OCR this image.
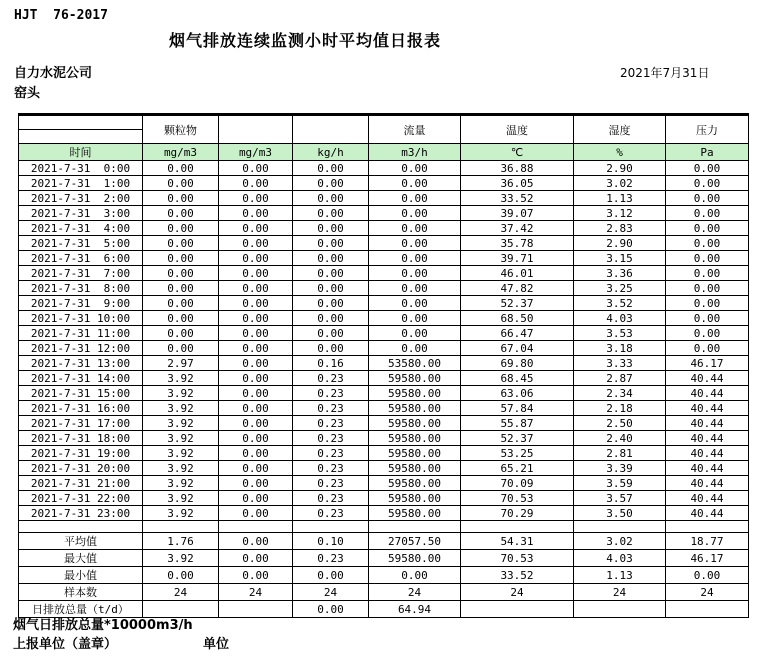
HJT  76-2017
烟气排放连续监测小时平均值日报表
自力水泥公司
窑头
2021年7月31日
	颗粒物			流量	温度	湿度	压力
时间	mg/m3	mg/m3	kg/h	m3/h	℃	%	Pa
2021-7-31  0:00	0.00	0.00	0.00	0.00	36.88	2.90	0.00
2021-7-31  1:00	0.00	0.00	0.00	0.00	36.05	3.02	0.00
2021-7-31  2:00	0.00	0.00	0.00	0.00	33.52	1.13	0.00
2021-7-31  3:00	0.00	0.00	0.00	0.00	39.07	3.12	0.00
2021-7-31  4:00	0.00	0.00	0.00	0.00	37.42	2.83	0.00
2021-7-31  5:00	0.00	0.00	0.00	0.00	35.78	2.90	0.00
2021-7-31  6:00	0.00	0.00	0.00	0.00	39.71	3.15	0.00
2021-7-31  7:00	0.00	0.00	0.00	0.00	46.01	3.36	0.00
2021-7-31  8:00	0.00	0.00	0.00	0.00	47.82	3.25	0.00
2021-7-31  9:00	0.00	0.00	0.00	0.00	52.37	3.52	0.00
2021-7-31 10:00	0.00	0.00	0.00	0.00	68.50	4.03	0.00
2021-7-31 11:00	0.00	0.00	0.00	0.00	66.47	3.53	0.00
2021-7-31 12:00	0.00	0.00	0.00	0.00	67.04	3.18	0.00
2021-7-31 13:00	2.97	0.00	0.16	53580.00	69.80	3.33	46.17
2021-7-31 14:00	3.92	0.00	0.23	59580.00	68.45	2.87	40.44
2021-7-31 15:00	3.92	0.00	0.23	59580.00	63.06	2.34	40.44
2021-7-31 16:00	3.92	0.00	0.23	59580.00	57.84	2.18	40.44
2021-7-31 17:00	3.92	0.00	0.23	59580.00	55.87	2.50	40.44
2021-7-31 18:00	3.92	0.00	0.23	59580.00	52.37	2.40	40.44
2021-7-31 19:00	3.92	0.00	0.23	59580.00	53.25	2.81	40.44
2021-7-31 20:00	3.92	0.00	0.23	59580.00	65.21	3.39	40.44
2021-7-31 21:00	3.92	0.00	0.23	59580.00	70.09	3.59	40.44
2021-7-31 22:00	3.92	0.00	0.23	59580.00	70.53	3.57	40.44
2021-7-31 23:00	3.92	0.00	0.23	59580.00	70.29	3.50	40.44

平均值	1.76	0.00	0.10	27057.50	54.31	3.02	18.77
最大值	3.92	0.00	0.23	59580.00	70.53	4.03	46.17
最小值	0.00	0.00	0.00	0.00	33.52	1.13	0.00
样本数	24	24	24	24	24	24	24
日排放总量（t/d）			0.00	64.94			
烟气日排放总量*10000m3/h
上报单位（盖章）	单位
